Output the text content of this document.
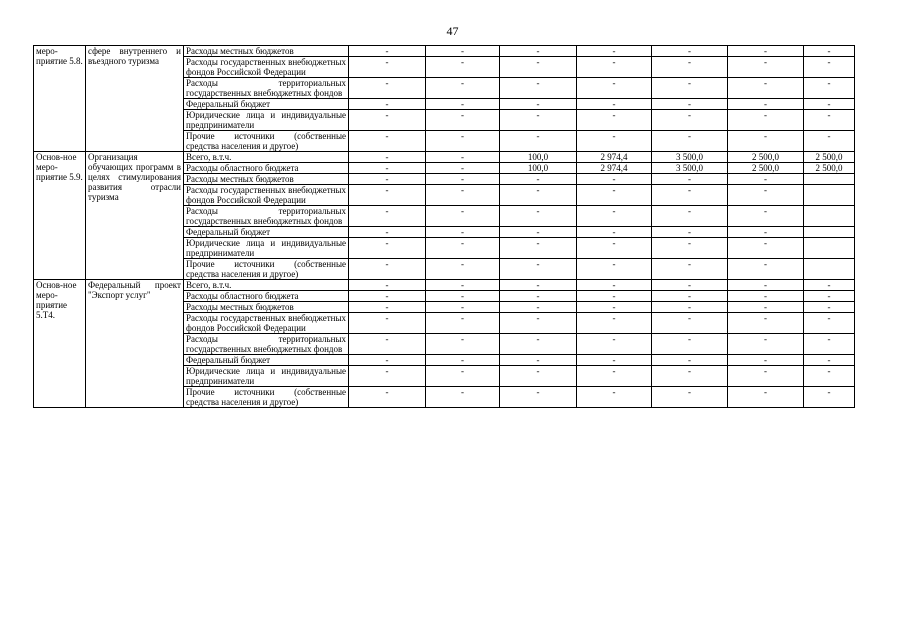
47
меро-приятие 5.8.	сфере внутреннего и въездного туризма	Расходы местных бюджетов	-	-	-	-	-	-	-
		Расходы государственных внебюджетных фондов Российской Федерации	-	-	-	-	-	-	-
		Расходы территориальных государственных внебюджетных фондов	-	-	-	-	-	-	-
		Федеральный бюджет	-	-	-	-	-	-	-
		Юридические лица и индивидуальные предприниматели	-	-	-	-	-	-	-
		Прочие источники (собственные средства населения и другое)	-	-	-	-	-	-	-
Основ-ное меро-приятие 5.9.	Организация обучающих программ в целях стимулирования развития отрасли туризма	Всего, в.т.ч.	-	-	100,0	2 974,4	3 500,0	2 500,0	2 500,0
		Расходы областного бюджета	-	-	100,0	2 974,4	3 500,0	2 500,0	2 500,0
		Расходы местных бюджетов	-	-	-	-	-	-	
		Расходы государственных внебюджетных фондов Российской Федерации	-	-	-	-	-	-	
		Расходы территориальных государственных внебюджетных фондов	-	-	-	-	-	-	
		Федеральный бюджет	-	-	-	-	-	-	
		Юридические лица и индивидуальные предприниматели	-	-	-	-	-	-	
		Прочие источники (собственные средства населения и другое)	-	-	-	-	-	-	
Основ-ное меро-приятие 5.Т4.	Федеральный проект "Экспорт услуг"	Всего, в.т.ч.	-	-	-	-	-	-	-
		Расходы областного бюджета	-	-	-	-	-	-	-
		Расходы местных бюджетов	-	-	-	-	-	-	-
		Расходы государственных внебюджетных фондов Российской Федерации	-	-	-	-	-	-	-
		Расходы территориальных государственных внебюджетных фондов	-	-	-	-	-	-	-
		Федеральный бюджет	-	-	-	-	-	-	-
		Юридические лица и индивидуальные предприниматели	-	-	-	-	-	-	-
		Прочие источники (собственные средства населения и другое)	-	-	-	-	-	-	-
